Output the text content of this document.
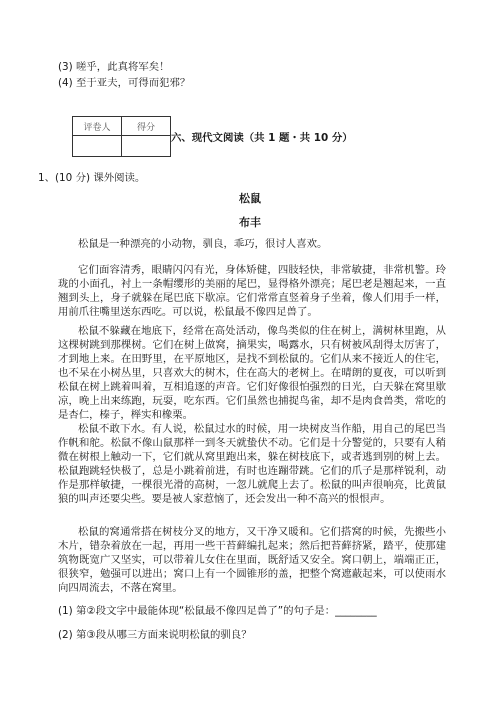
(3) 嗟乎，此真将军矣！
(4) 至于亚夫，可得而犯邪？
评卷人	得分

六、现代文阅读（共 1 题・共 10 分）
1、(10 分) 课外阅读。
松鼠
布丰
松鼠是一种漂亮的小动物，驯良，乖巧，很讨人喜欢。
它们面容清秀，眼睛闪闪有光，身体矫健，四肢轻快，非常敏捷，非常机警。玲珑的小面孔，衬上一条帽缨形的美丽的尾巴，显得格外漂亮；尾巴老是翘起来，一直翘到头上，身子就躲在尾巴底下歇凉。它们常常直竖着身子坐着，像人们用手一样，用前爪往嘴里送东西吃。可以说，松鼠最不像四足兽了。
松鼠不躲藏在地底下，经常在高处活动，像鸟类似的住在树上，满树林里跑，从这棵树跳到那棵树。它们在树上做窝，摘果实，喝露水，只有树被风刮得太厉害了，才到地上来。在田野里，在平原地区，是找不到松鼠的。它们从来不接近人的住宅，也不呆在小树丛里，只喜欢大的树木，住在高大的老树上。在晴朗的夏夜，可以听到松鼠在树上跳着叫着，互相追逐的声音。它们好像很怕强烈的日光，白天躲在窝里歇凉，晚上出来练跑，玩耍，吃东西。它们虽然也捕捉鸟雀，却不是肉食兽类，常吃的是杏仁，榛子，榉实和橡栗。
松鼠不敢下水。有人说，松鼠过水的时候，用一块树皮当作船，用自己的尾巴当作帆和舵。松鼠不像山鼠那样一到冬天就蛰伏不动。它们是十分警觉的，只要有人稍微在树根上触动一下，它们就从窝里跑出来，躲在树枝底下，或者逃到别的树上去。松鼠跑跳轻快极了，总是小跳着前进，有时也连蹦带跳。它们的爪子是那样锐利，动作是那样敏捷，一棵很光滑的高树，一忽儿就爬上去了。松鼠的叫声很响亮，比黄鼠狼的叫声还要尖些。要是被人家惹恼了，还会发出一种不高兴的恨恨声。
松鼠的窝通常搭在树枝分叉的地方，又干净又暖和。它们搭窝的时候，先搬些小木片，错杂着放在一起，再用一些干苔藓编扎起来；然后把苔藓挤紧，踏平，使那建筑物既宽广又坚实，可以带着儿女住在里面，既舒适又安全。窝口朝上，端端正正，很狭窄，勉强可以进出；窝口上有一个圆锥形的盖，把整个窝遮蔽起来，可以使雨水向四周流去，不落在窝里。
(1) 第②段文字中最能体现“松鼠最不像四足兽了”的句子是：________
(2) 第③段从哪三方面来说明松鼠的驯良？
